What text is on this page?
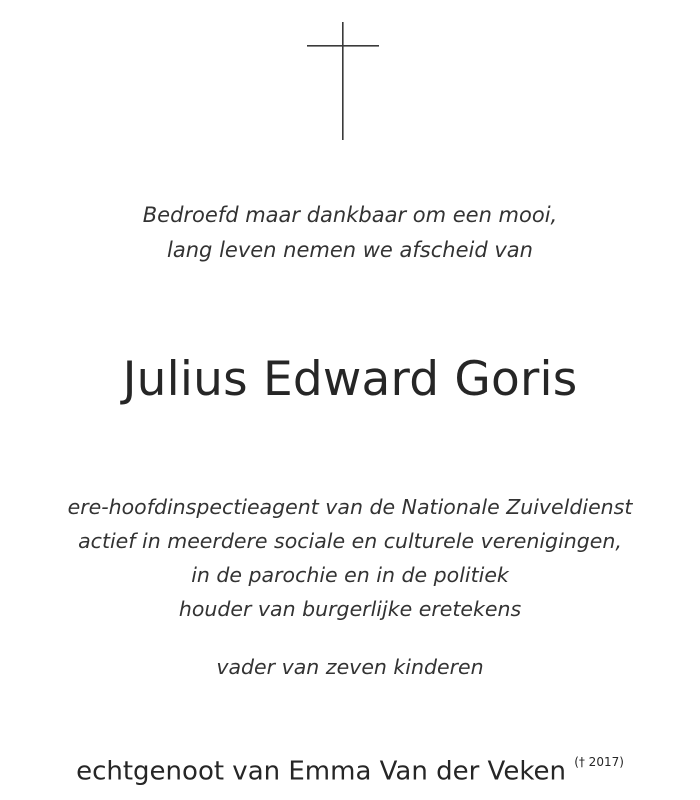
Bedroefd maar dankbaar om een mooi,
lang leven nemen we afscheid van
Julius Edward Goris
ere-hoofdinspectieagent van de Nationale Zuiveldienst
actief in meerdere sociale en culturele verenigingen,
in de parochie en in de politiek
houder van burgerlijke eretekens
vader van zeven kinderen
echtgenoot van Emma Van der Veken $^{(\dagger 2017)}$
